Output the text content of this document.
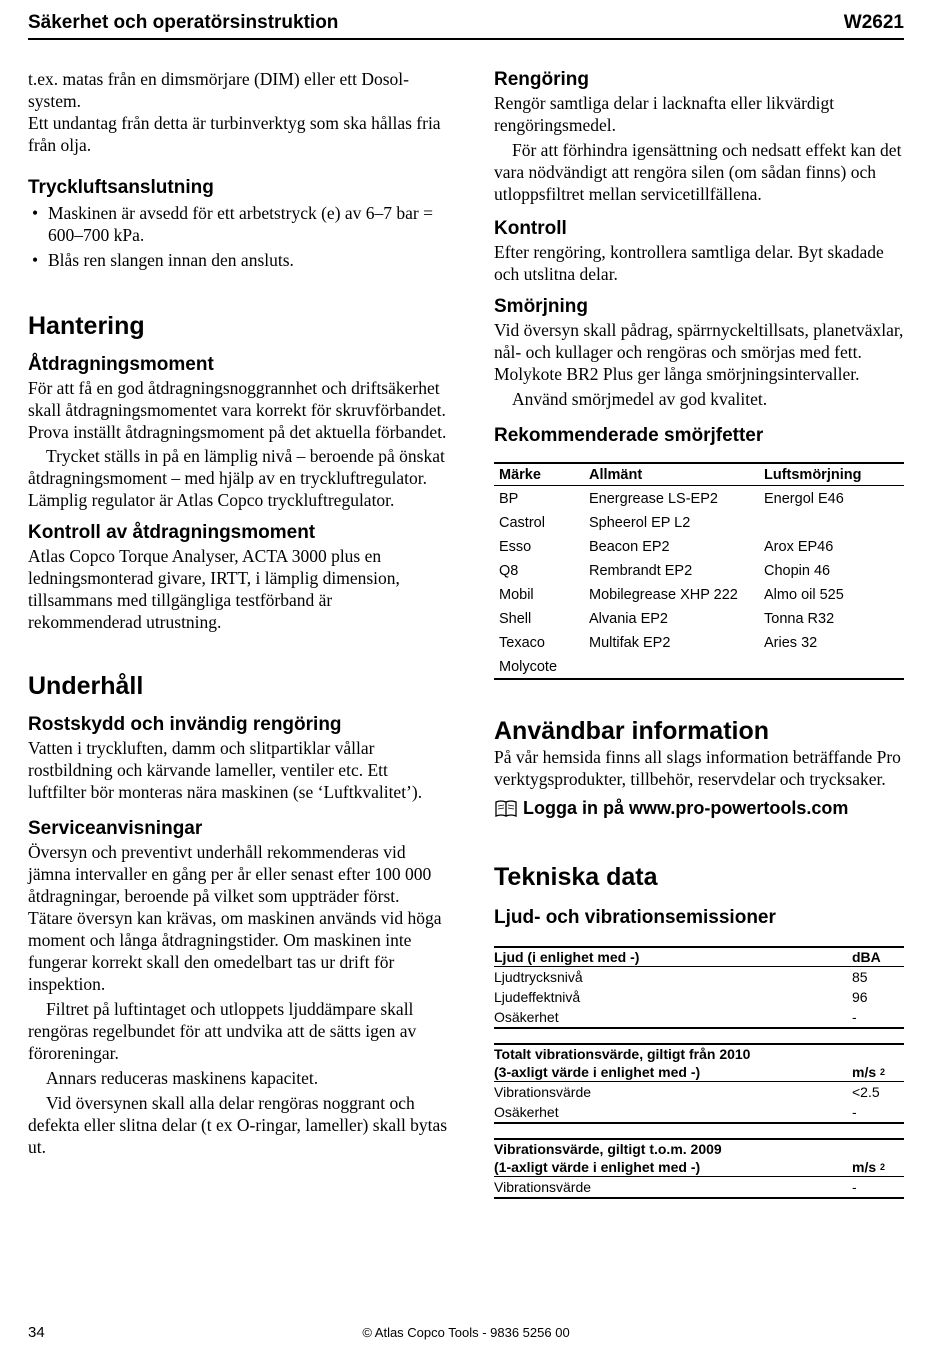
Säkerhet och operatörsinstruktion	W2621

t.ex. matas från en dimsmörjare (DIM) eller ett Dosol-system.

Ett undantag från detta är turbinverktyg som ska hållas fria från olja.

Tryckluftsanslutning
• Maskinen är avsedd för ett arbetstryck (e) av 6–7 bar = 600–700 kPa.
• Blås ren slangen innan den ansluts.
Hantering
Åtdragningsmoment

För att få en god åtdragningsnoggrannhet och driftsäkerhet skall åtdragningsmomentet vara korrekt för skruvförbandet. Prova inställt åtdragningsmoment på det aktuella förbandet.

Trycket ställs in på en lämplig nivå – beroende på önskat åtdragningsmoment – med hjälp av en tryckluftregulator. Lämplig regulator är Atlas Copco tryckluftregulator.

Kontroll av åtdragningsmoment

Atlas Copco Torque Analyser, ACTA 3000 plus en ledningsmonterad givare, IRTT, i lämplig dimension, tillsammans med tillgängliga testförband är rekommenderad utrustning.

Underhåll
Rostskydd och invändig rengöring

Vatten i tryckluften, damm och slitpartiklar vållar rostbildning och kärvande lameller, ventiler etc. Ett luftfilter bör monteras nära maskinen (se ‘Luftkvalitet’).

Serviceanvisningar

Översyn och preventivt underhåll rekommenderas vid jämna intervaller en gång per år eller senast efter 100 000 åtdragningar, beroende på vilket som uppträder först. Tätare översyn kan krävas, om maskinen används vid höga moment och långa åtdragningstider. Om maskinen inte fungerar korrekt skall den omedelbart tas ur drift för inspektion.

Filtret på luftintaget och utloppets ljuddämpare skall rengöras regelbundet för att undvika att de sätts igen av föroreningar.

Annars reduceras maskinens kapacitet.

Vid översynen skall alla delar rengöras noggrant och defekta eller slitna delar (t ex O-ringar, lameller) skall bytas ut.

Rengöring

Rengör samtliga delar i lacknafta eller likvärdigt rengöringsmedel.

För att förhindra igensättning och nedsatt effekt kan det vara nödvändigt att rengöra silen (om sådan finns) och utloppsfiltret mellan servicetillfällena.

Kontroll

Efter rengöring, kontrollera samtliga delar. Byt skadade och utslitna delar.

Smörjning

Vid översyn skall pådrag, spärrnyckeltillsats, planetväxlar, nål- och kullager och rengöras och smörjas med fett. Molykote BR2 Plus ger långa smörjningsintervaller.

Använd smörjmedel av god kvalitet.

Rekommenderade smörjfetter
Märke	Allmänt	Luftsmörjning
BP	Energrease LS-EP2	Energol E46
Castrol	Spheerol EP L2	
Esso	Beacon EP2	Arox EP46
Q8	Rembrandt EP2	Chopin 46
Mobil	Mobilegrease XHP 222	Almo oil 525
Shell	Alvania EP2	Tonna R32
Texaco	Multifak EP2	Aries 32
Molycote		
Användbar information

På vår hemsida finns all slags information beträffande Pro verktygsprodukter, tillbehör, reservdelar och trycksaker.

Logga in på www.pro-powertools.com
Tekniska data
Ljud- och vibrationsemissioner
Ljud (i enlighet med -)	dBA
Ljudtrycksnivå	85
Ljudeffektnivå	96
Osäkerhet	-
Totalt vibrationsvärde, giltigt från 2010
(3-axligt värde i enlighet med -)	m/s $^2$
Vibrationsvärde	<2.5
Osäkerhet	-
Vibrationsvärde, giltigt t.o.m. 2009
(1-axligt värde i enlighet med -)	m/s $^2$
Vibrationsvärde	-
34	© Atlas Copco Tools - 9836 5256 00
